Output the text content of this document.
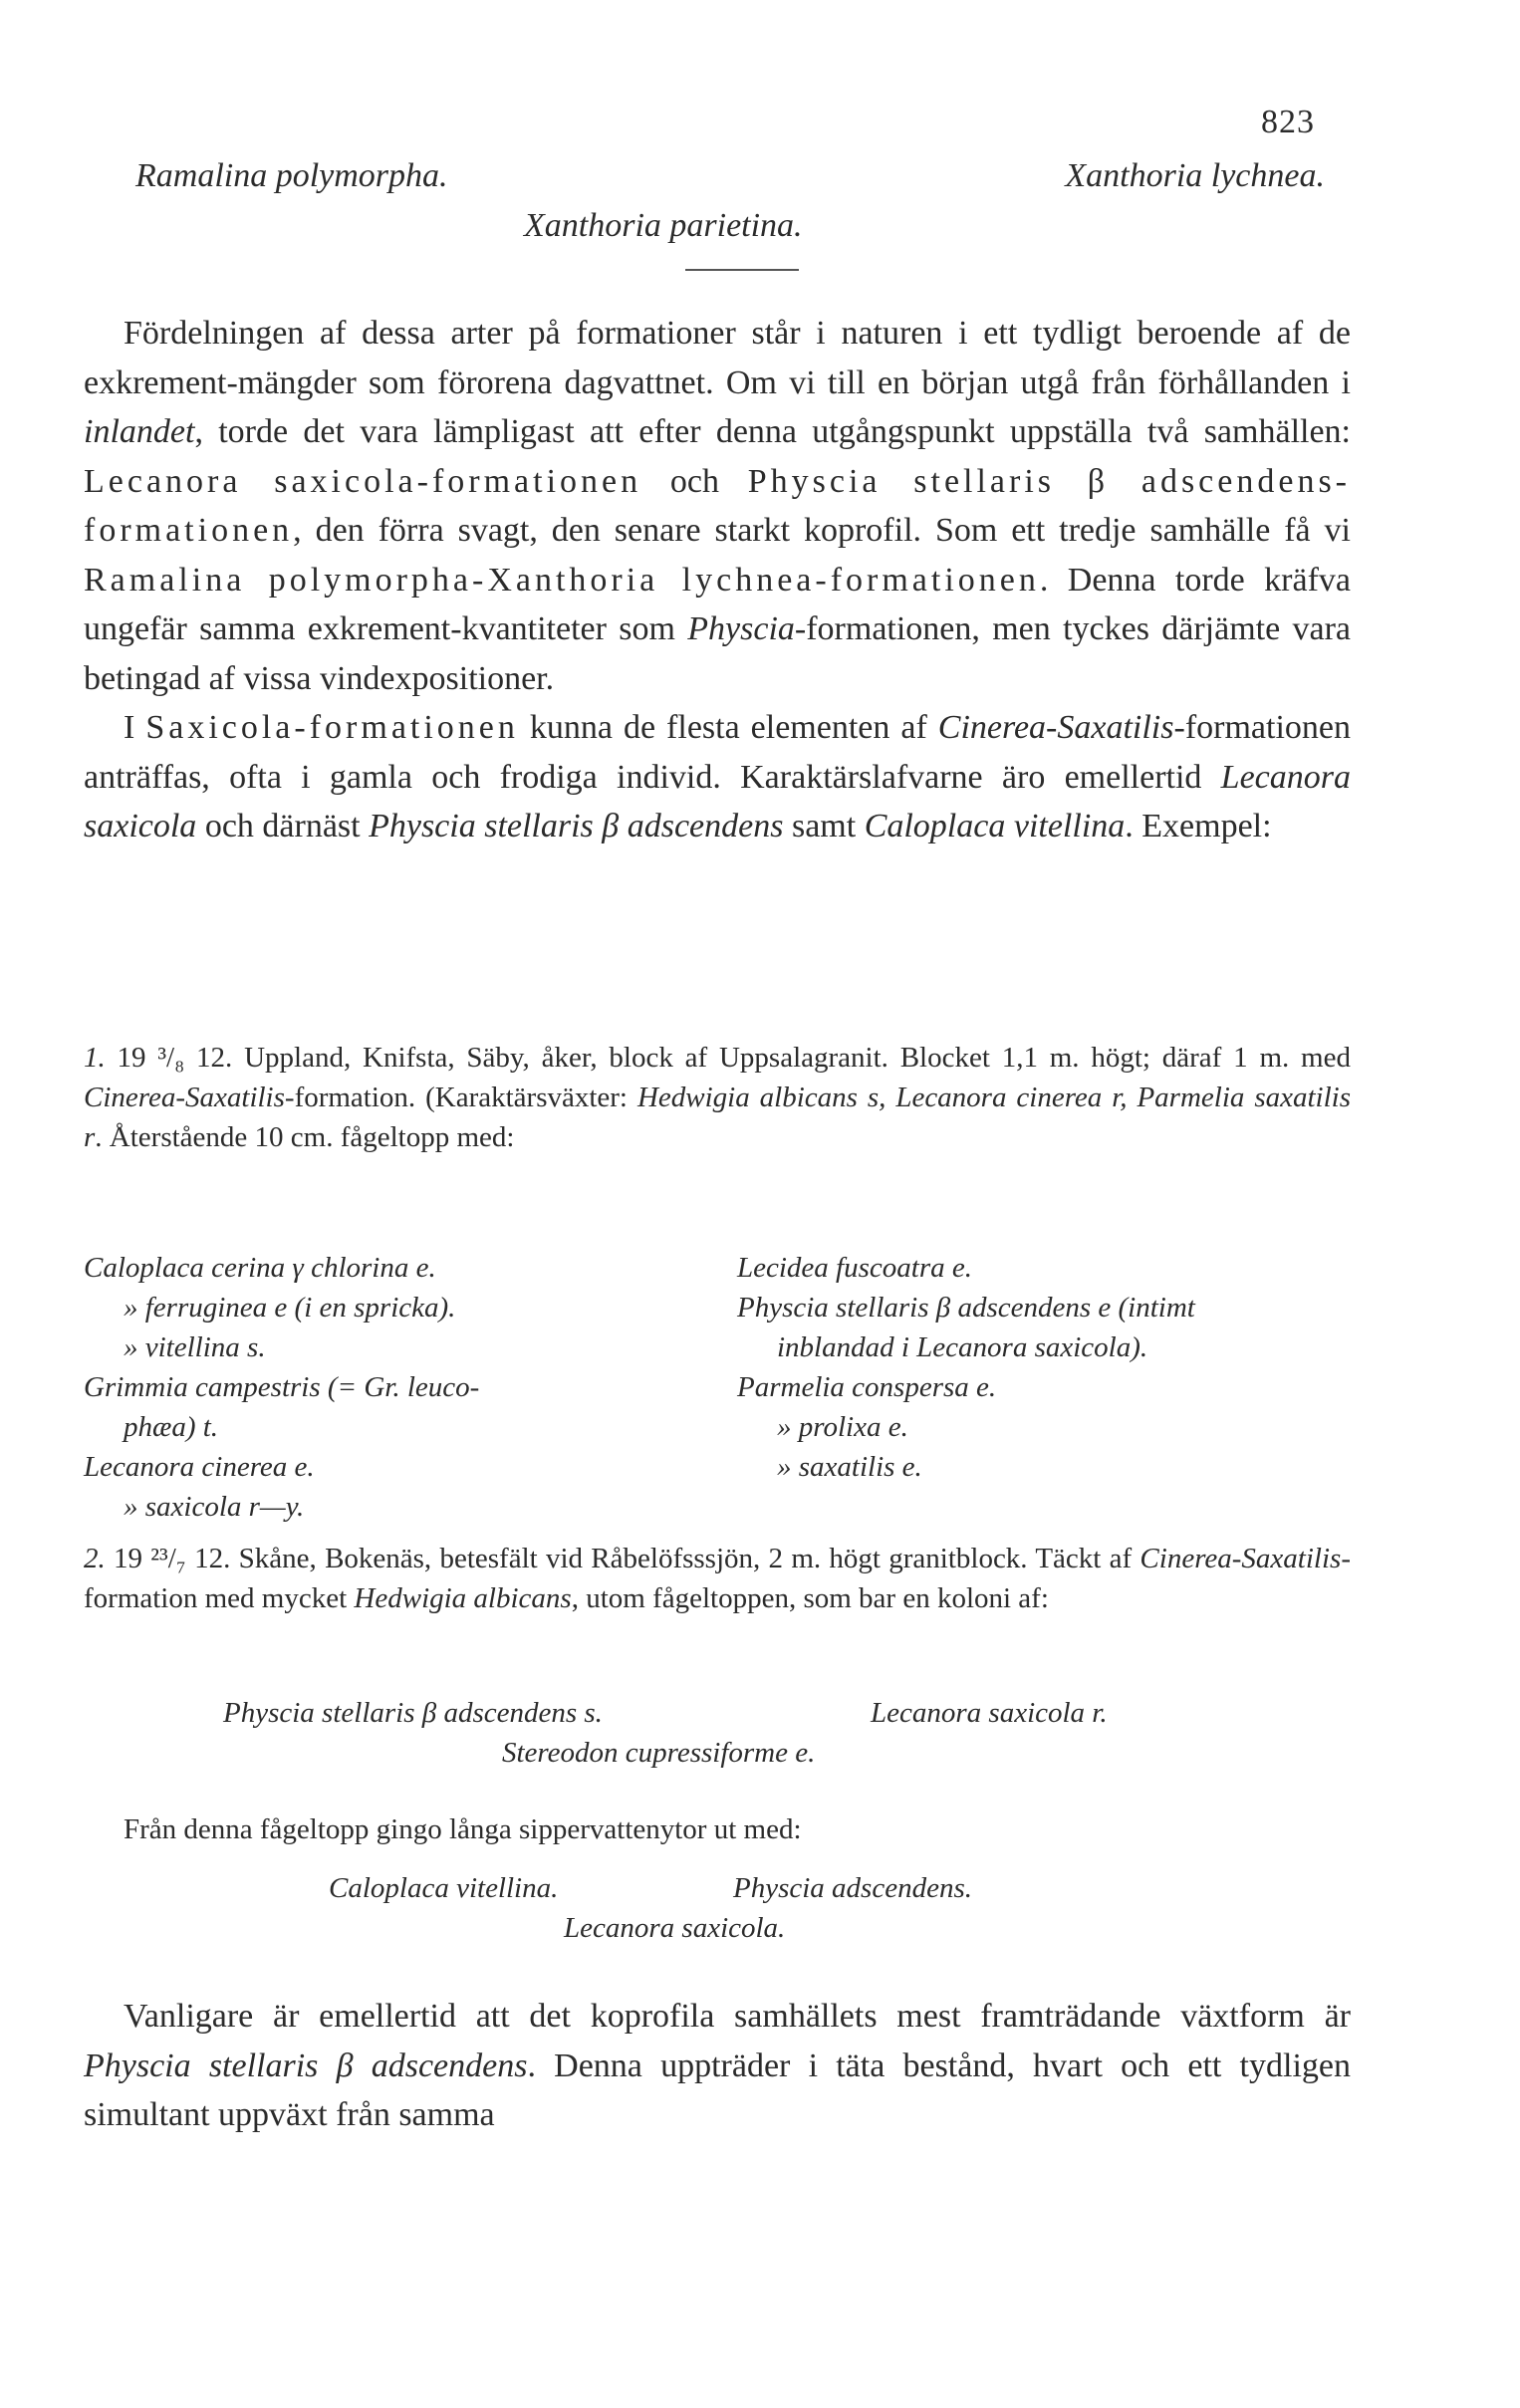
823
Ramalina polymorpha.	Xanthoria lychnea.
Xanthoria parietina.

Fördelningen af dessa arter på formationer står i naturen i ett tydligt beroende af de exkrement-mängder som förorena dagvattnet. Om vi till en början utgå från förhållanden i inlandet, torde det vara lämpligast att efter denna utgångspunkt uppställa två samhällen: Lecanora saxicola-formationen och Physcia stellaris β adscendens-formationen, den förra svagt, den senare starkt koprofil. Som ett tredje samhälle få vi Ramalina polymorpha-Xanthoria lychnea-formationen. Denna torde kräfva ungefär samma exkrement-kvantiteter som Physcia-formationen, men tyckes därjämte vara betingad af vissa vindexpositioner.

I Saxicola-formationen kunna de flesta elementen af Cinerea-Saxatilis-formationen anträffas, ofta i gamla och frodiga individ. Karaktärslafvarne äro emellertid Lecanora saxicola och därnäst Physcia stellaris β adscendens samt Caloplaca vitellina. Exempel:

1. 19 ³/₈ 12. Uppland, Knifsta, Säby, åker, block af Uppsalagranit. Blocket 1,1 m. högt; däraf 1 m. med Cinerea-Saxatilis-formation. (Karaktärsväxter: Hedwigia albicans s, Lecanora cinerea r, Parmelia saxatilis r. Återstående 10 cm. fågeltopp med:

Caloplaca cerina γ chlorina e.
» ferruginea e (i en spricka).
» vitellina s.
Grimmia campestris (= Gr. leuco-
phæa) t.
Lecanora cinerea e.
» saxicola r—y.
Lecidea fuscoatra e.
Physcia stellaris β adscendens e (intimt
inblandad i Lecanora saxicola).
Parmelia conspersa e.
» prolixa e.
» saxatilis e.

2. 19 ²³/₇ 12. Skåne, Bokenäs, betesfält vid Råbelöfsssjön, 2 m. högt granitblock. Täckt af Cinerea-Saxatilis-formation med mycket Hedwigia albicans, utom fågeltoppen, som bar en koloni af:

Physcia stellaris β adscendens s.	Lecanora saxicola r.
Stereodon cupressiforme e.

Från denna fågeltopp gingo långa sippervattenytor ut med:

Caloplaca vitellina.	Physcia adscendens.
Lecanora saxicola.

Vanligare är emellertid att det koprofila samhällets mest framträdande växtform är Physcia stellaris β adscendens. Denna uppträder i täta bestånd, hvart och ett tydligen simultant uppväxt från samma
